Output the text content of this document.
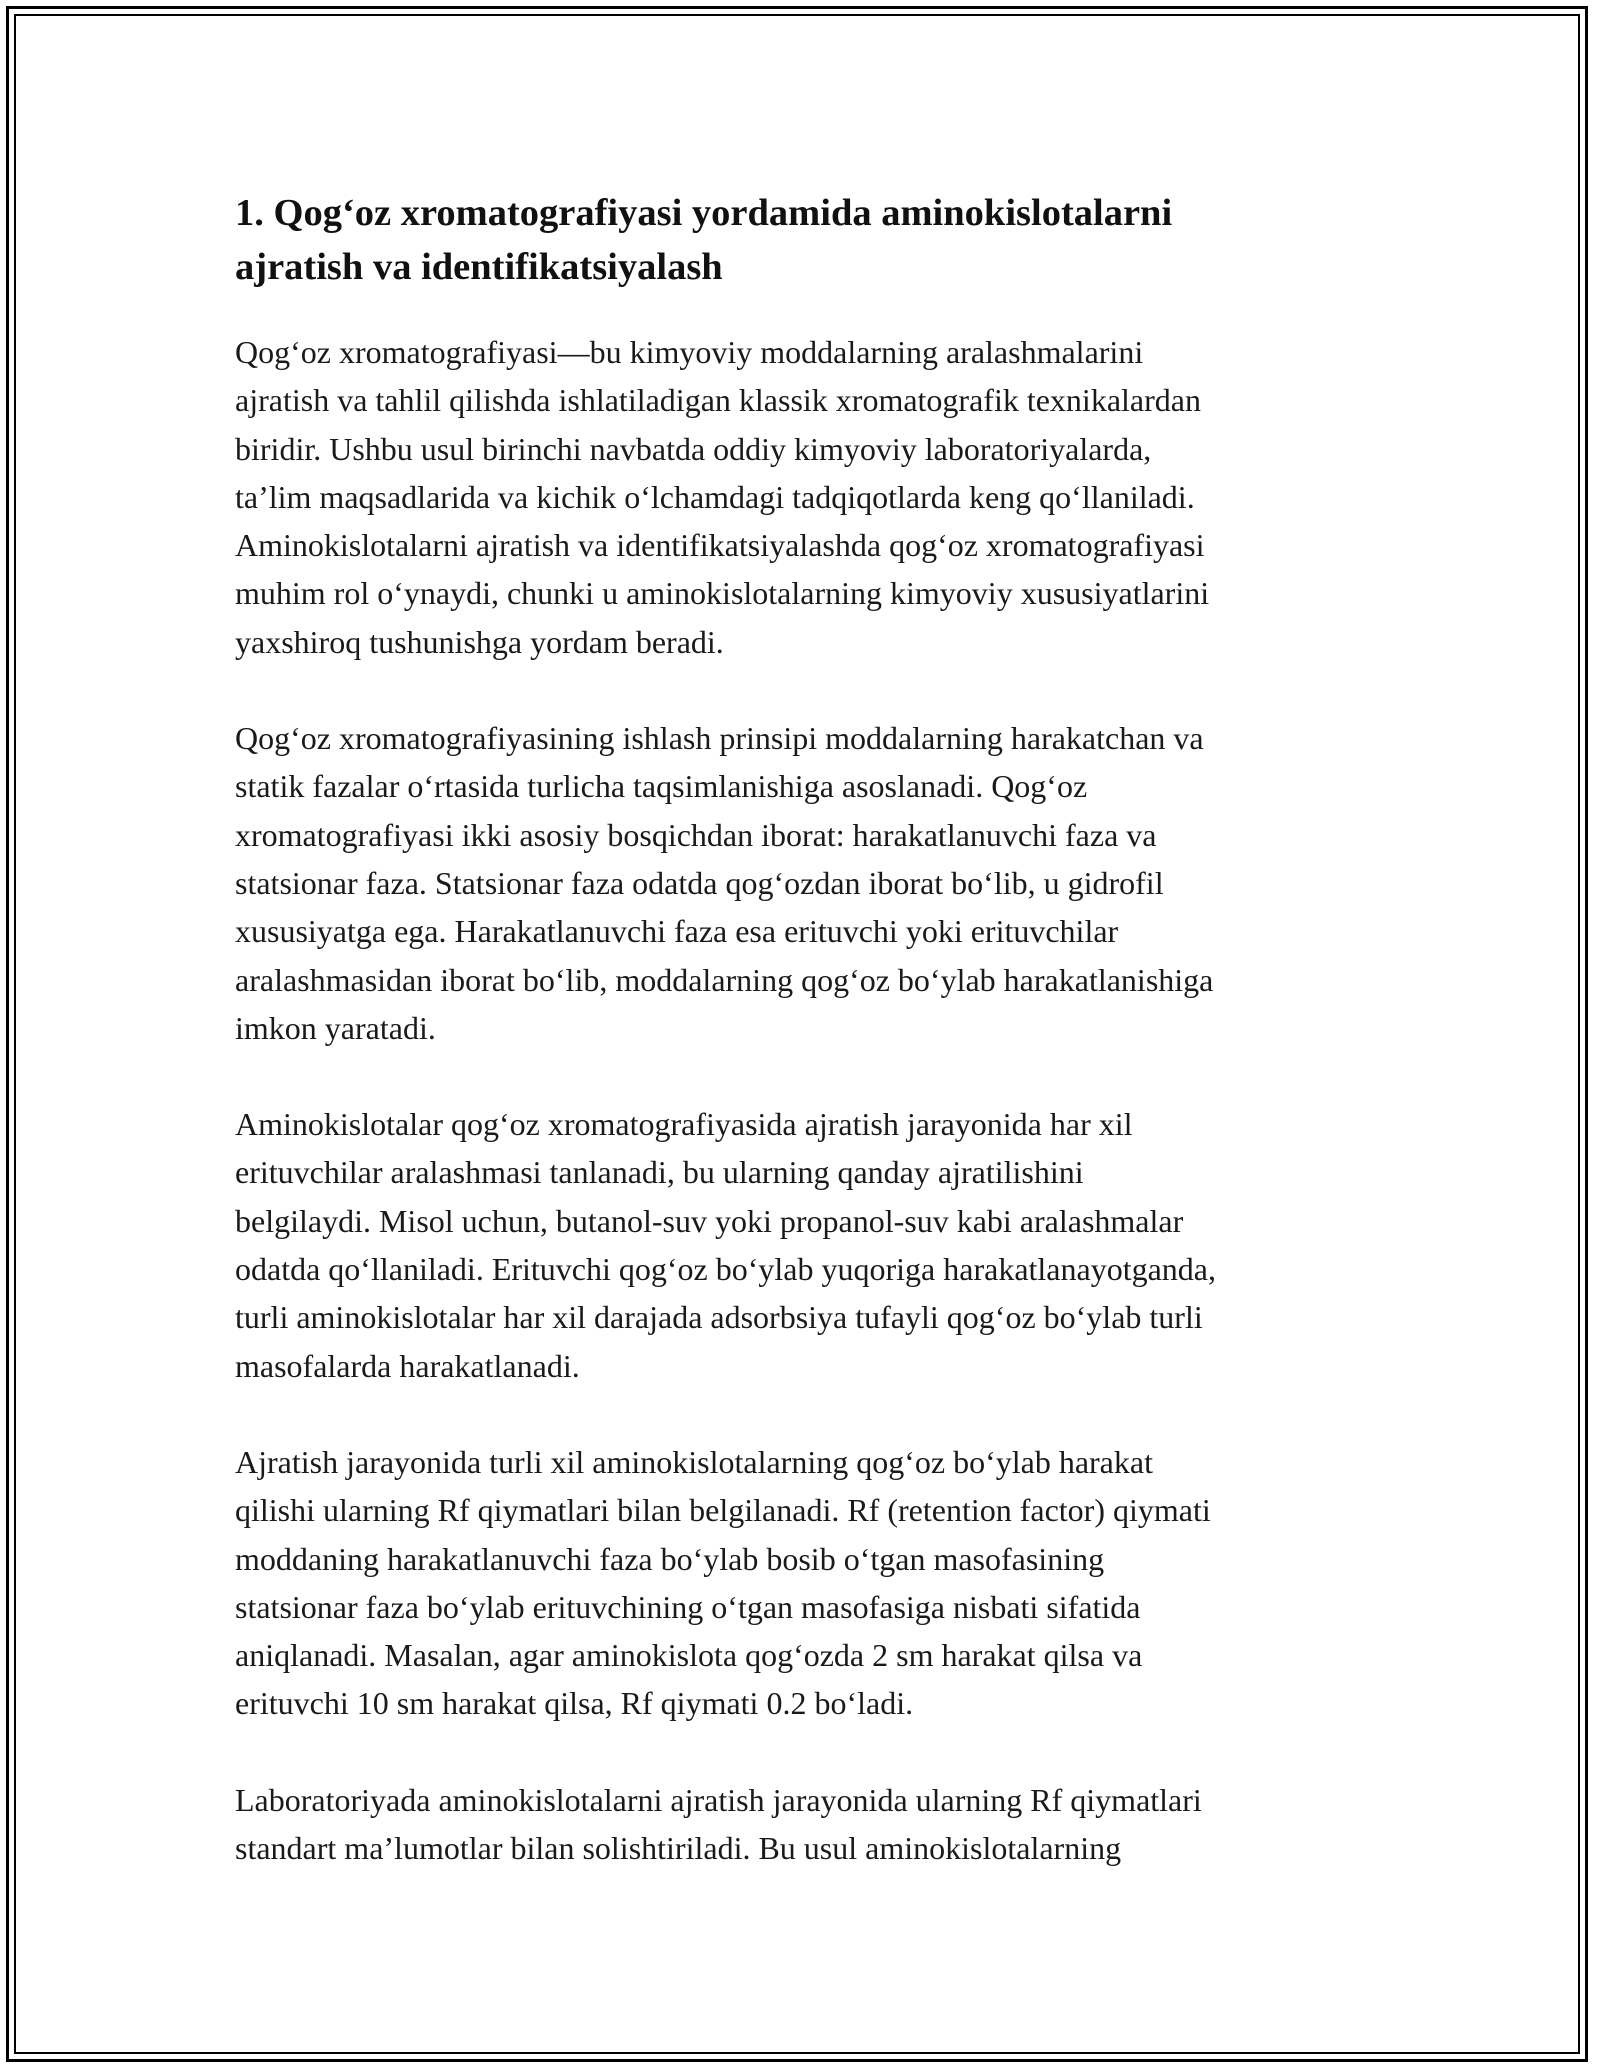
1. Qog‘oz xromatografiyasi yordamida aminokislotalarni
ajratish va identifikatsiyalash

Qog‘oz xromatografiyasi—bu kimyoviy moddalarning aralashmalarini
ajratish va tahlil qilishda ishlatiladigan klassik xromatografik texnikalardan
biridir. Ushbu usul birinchi navbatda oddiy kimyoviy laboratoriyalarda,
ta’lim maqsadlarida va kichik o‘lchamdagi tadqiqotlarda keng qo‘llaniladi.
Aminokislotalarni ajratish va identifikatsiyalashda qog‘oz xromatografiyasi
muhim rol o‘ynaydi, chunki u aminokislotalarning kimyoviy xususiyatlarini
yaxshiroq tushunishga yordam beradi.

Qog‘oz xromatografiyasining ishlash prinsipi moddalarning harakatchan va
statik fazalar o‘rtasida turlicha taqsimlanishiga asoslanadi. Qog‘oz
xromatografiyasi ikki asosiy bosqichdan iborat: harakatlanuvchi faza va
statsionar faza. Statsionar faza odatda qog‘ozdan iborat bo‘lib, u gidrofil
xususiyatga ega. Harakatlanuvchi faza esa erituvchi yoki erituvchilar
aralashmasidan iborat bo‘lib, moddalarning qog‘oz bo‘ylab harakatlanishiga
imkon yaratadi.

Aminokislotalar qog‘oz xromatografiyasida ajratish jarayonida har xil
erituvchilar aralashmasi tanlanadi, bu ularning qanday ajratilishini
belgilaydi. Misol uchun, butanol-suv yoki propanol-suv kabi aralashmalar
odatda qo‘llaniladi. Erituvchi qog‘oz bo‘ylab yuqoriga harakatlanayotganda,
turli aminokislotalar har xil darajada adsorbsiya tufayli qog‘oz bo‘ylab turli
masofalarda harakatlanadi.

Ajratish jarayonida turli xil aminokislotalarning qog‘oz bo‘ylab harakat
qilishi ularning Rf qiymatlari bilan belgilanadi. Rf (retention factor) qiymati
moddaning harakatlanuvchi faza bo‘ylab bosib o‘tgan masofasining
statsionar faza bo‘ylab erituvchining o‘tgan masofasiga nisbati sifatida
aniqlanadi. Masalan, agar aminokislota qog‘ozda 2 sm harakat qilsa va
erituvchi 10 sm harakat qilsa, Rf qiymati 0.2 bo‘ladi.

Laboratoriyada aminokislotalarni ajratish jarayonida ularning Rf qiymatlari
standart ma’lumotlar bilan solishtiriladi. Bu usul aminokislotalarning
